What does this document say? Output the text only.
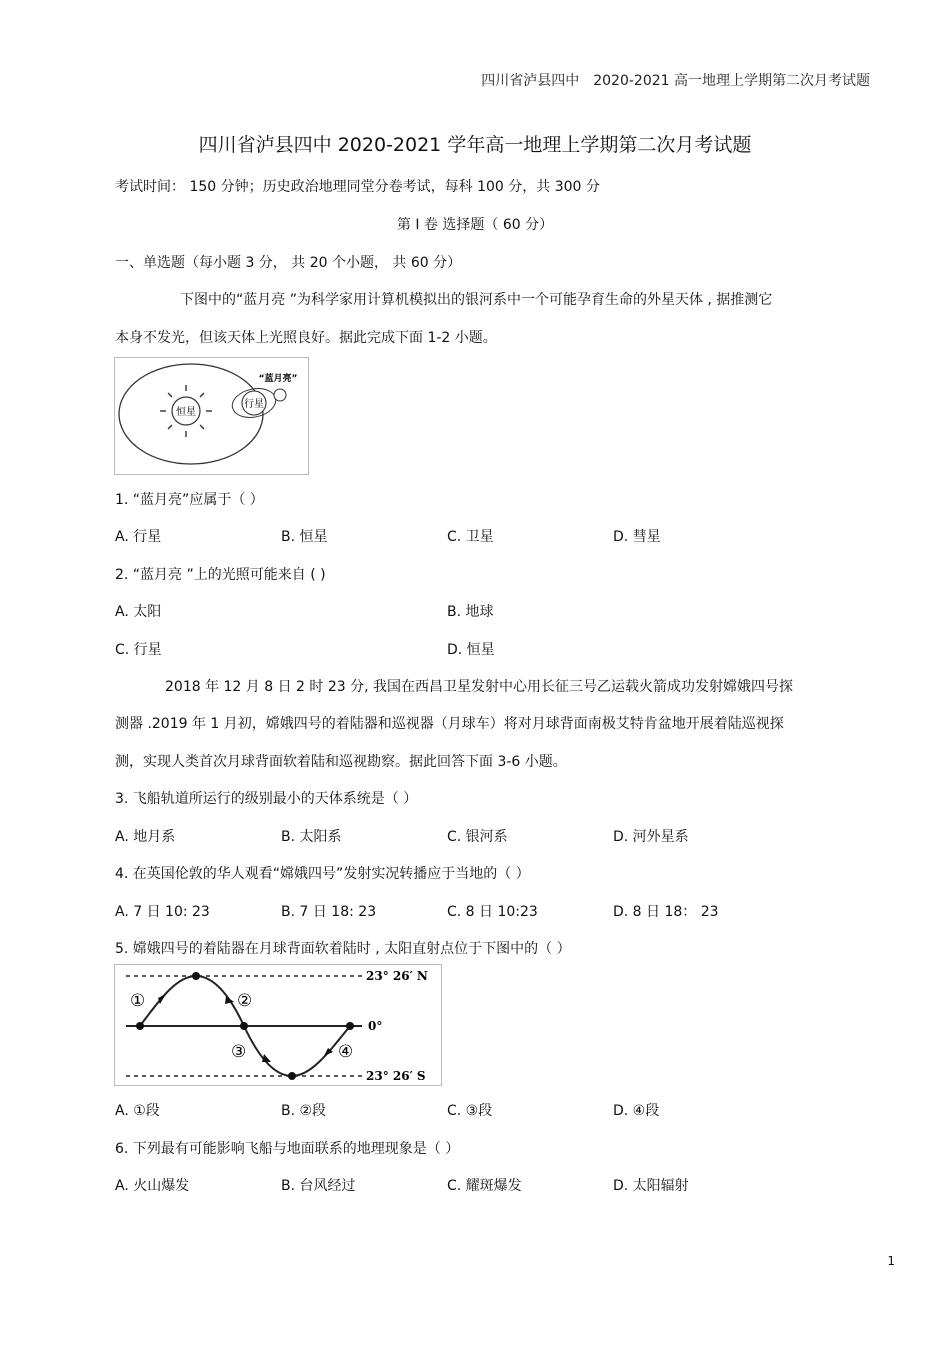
四川省泸县四中　2020-2021 高一地理上学期第二次月考试题
四川省泸县四中 2020-2021 学年高一地理上学期第二次月考试题
考试时间： 150 分钟；历史政治地理同堂分卷考试，每科 100 分，共 300 分
第 I 卷 选择题（ 60 分）
一、单选题（每小题 3 分， 共 20 个小题， 共 60 分）
下图中的“蓝月亮 ”为科学家用计算机模拟出的银河系中一个可能孕育生命的外星天体 , 据推测它
本身不发光，但该天体上光照良好。据此完成下面 1-2 小题。
恒星
行星
“蓝月亮”
1. “蓝月亮”应属于（ ）
A. 行星	B. 恒星	C. 卫星	D. 彗星
2. “蓝月亮 ”上的光照可能来自 ( )
A. 太阳	B. 地球
C. 行星	D. 恒星
2018 年 12 月 8 日 2 时 23 分, 我国在西昌卫星发射中心用长征三号乙运载火箭成功发射嫦娥四号探
测器 .2019 年 1 月初，嫦娥四号的着陆器和巡视器（月球车）将对月球背面南极艾特肯盆地开展着陆巡视探
测，实现人类首次月球背面软着陆和巡视勘察。据此回答下面 3-6 小题。
3. 飞船轨道所运行的级别最小的天体系统是（ ）
A. 地月系	B. 太阳系	C. 银河系	D. 河外星系
4. 在英国伦敦的华人观看“嫦娥四号”发射实况转播应于当地的（ ）
A. 7 日 10: 23	B. 7 日 18: 23	C. 8 日 10:23	D. 8 日 18： 23
5. 嫦娥四号的着陆器在月球背面软着陆时 , 太阳直射点位于下图中的（ ）
①	②
③	④
23° 26′ N
0°
23° 26′ S
A. ①段	B. ②段	C. ③段	D. ④段
6. 下列最有可能影响飞船与地面联系的地理现象是（ ）
A. 火山爆发	B. 台风经过	C. 耀斑爆发	D. 太阳辐射
1
